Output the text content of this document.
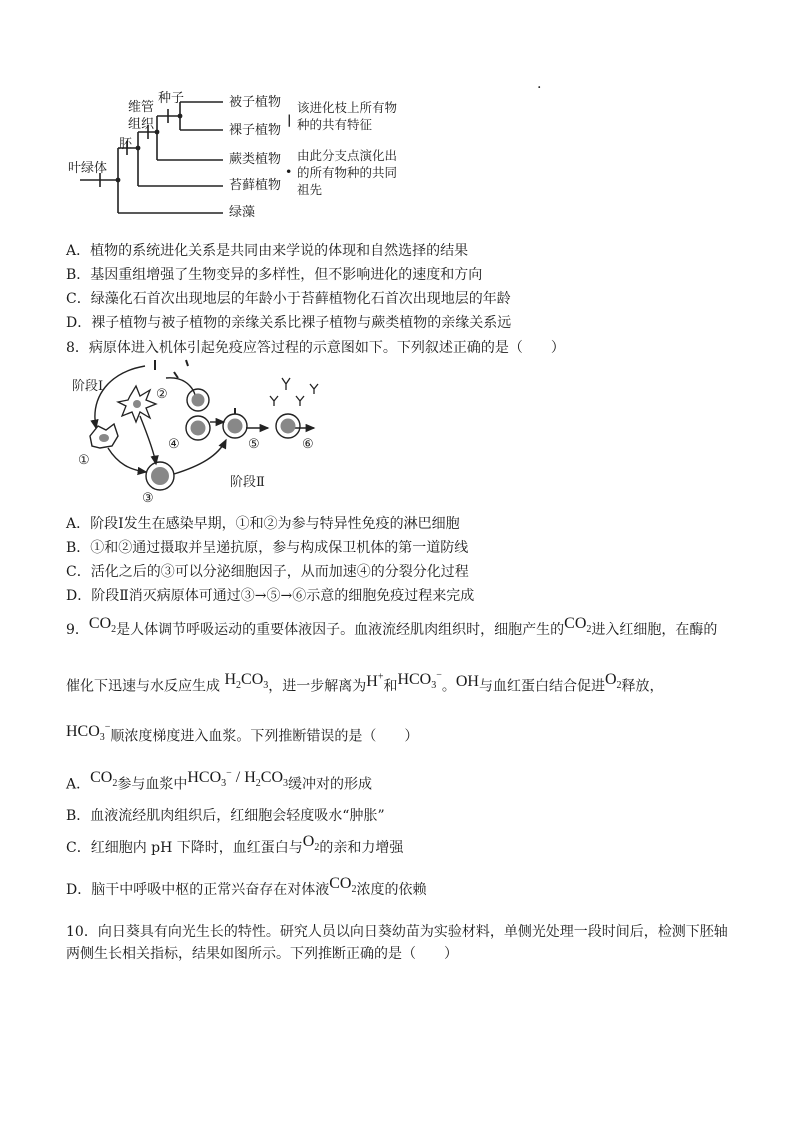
.
叶绿体
胚
维管
组织
种子	被子植物
裸子植物
蕨类植物
苔藓植物
绿藻
|
该进化枝上所有物
种的共有特征
•
由此分支点演化出
的所有物种的共同
祖先
A．植物的系统进化关系是共同由来学说的体现和自然选择的结果
B．基因重组增强了生物变异的多样性，但不影响进化的速度和方向
C．绿藻化石首次出现地层的年龄小于苔藓植物化石首次出现地层的年龄
D．裸子植物与被子植物的亲缘关系比裸子植物与蕨类植物的亲缘关系远
8．病原体进入机体引起免疫应答过程的示意图如下。下列叙述正确的是（　　）
①
②
③
④	⑤	⑥
阶段Ⅰ
阶段Ⅱ
A．阶段Ⅰ发生在感染早期，①和②为参与特异性免疫的淋巴细胞
B．①和②通过摄取并呈递抗原，参与构成保卫机体的第一道防线
C．活化之后的③可以分泌细胞因子，从而加速④的分裂分化过程
D．阶段Ⅱ消灭病原体可通过③→⑤→⑥示意的细胞免疫过程来完成
9．$CO_2$是人体调节呼吸运动的重要体液因子。血液流经肌肉组织时，细胞产生的$CO_2$进入红细胞，在酶的
催化下迅速与水反应生成 $H_2CO_3$，进一步解离为H+和$HCO_3^-$。OH与血红蛋白结合促进$O_2$释放，
$HCO_3^-$顺浓度梯度进入血浆。下列推断错误的是（　　）
A．$CO_2$参与血浆中$HCO_3^- / H_2CO_3$缓冲对的形成
B．血液流经肌肉组织后，红细胞会轻度吸水“肿胀”
C．红细胞内 pH 下降时，血红蛋白与$O_2$的亲和力增强
D．脑干中呼吸中枢的正常兴奋存在对体液$CO_2$浓度的依赖
10．向日葵具有向光生长的特性。研究人员以向日葵幼苗为实验材料，单侧光处理一段时间后，检测下胚轴
两侧生长相关指标，结果如图所示。下列推断正确的是（　　）
